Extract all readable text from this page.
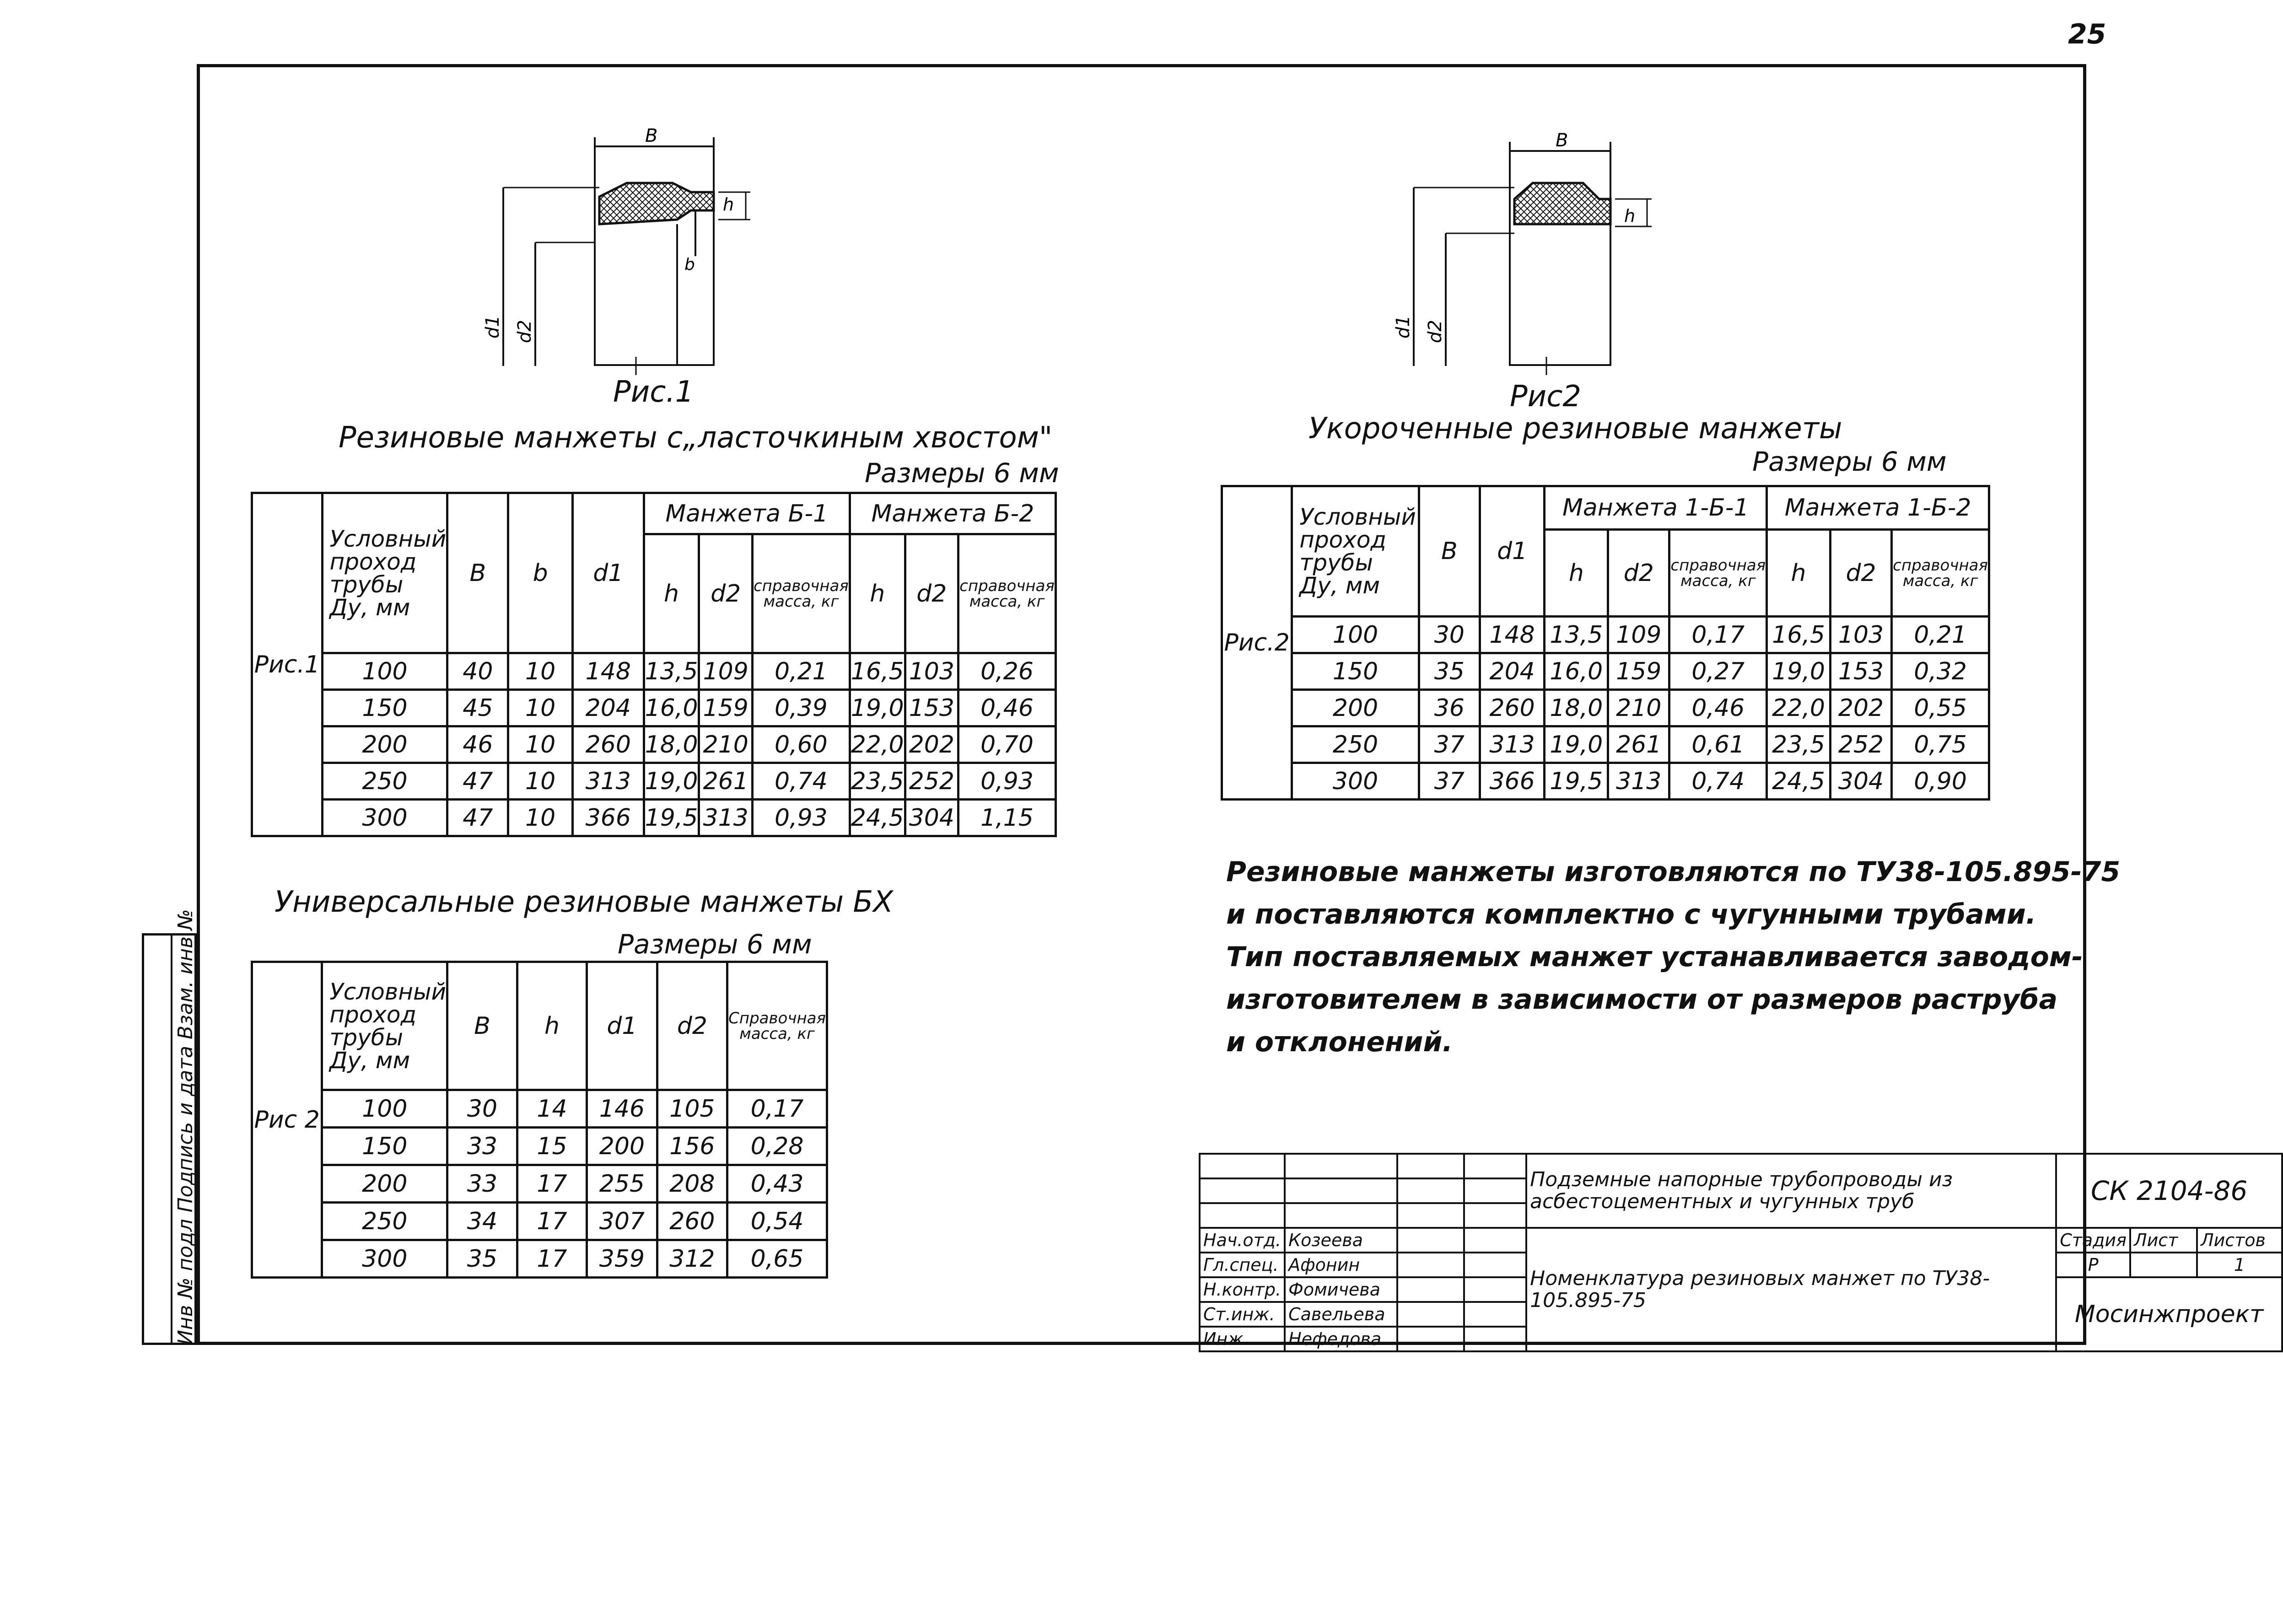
25
Инв № подл Подпись и дата Взам. инв №
B
h
b
d1 d2
Рис.1
B
h
d1 d2
Рис2
Резиновые манжеты с„ласточкиным хвостом"
Размеры 6 мм
Рис.1	Условный проход трубы Ду, мм	B	b	d1	Манжета Б-1			Манжета Б-2		
					h	d2	справочная масса, кг	h	d2	справочная масса, кг
	100	40	10	148	13,5	109	0,21	16,5	103	0,26
	150	45	10	204	16,0	159	0,39	19,0	153	0,46
	200	46	10	260	18,0	210	0,60	22,0	202	0,70
	250	47	10	313	19,0	261	0,74	23,5	252	0,93
	300	47	10	366	19,5	313	0,93	24,5	304	1,15
Укороченные резиновые манжеты
Размеры 6 мм
Рис.2	Условный проход трубы Ду, мм	B	d1	Манжета 1-Б-1			Манжета 1-Б-2		
				h	d2	справочная масса, кг	h	d2	справочная масса, кг
	100	30	148	13,5	109	0,17	16,5	103	0,21
	150	35	204	16,0	159	0,27	19,0	153	0,32
	200	36	260	18,0	210	0,46	22,0	202	0,55
	250	37	313	19,0	261	0,61	23,5	252	0,75
	300	37	366	19,5	313	0,74	24,5	304	0,90
Резиновые манжеты изготовляются по ТУ38-105.895-75
и поставляются комплектно с чугунными трубами.
Тип поставляемых манжет устанавливается заводом-
изготовителем в зависимости от размеров раструба
и отклонений.
Универсальные резиновые манжеты БХ
Размеры 6 мм
Рис 2	Условный проход трубы Ду, мм	B	h	d1	d2	Справочная масса, кг
	100	30	14	146	105	0,17
	150	33	15	200	156	0,28
	200	33	17	255	208	0,43
	250	34	17	307	260	0,54
	300	35	17	359	312	0,65
				Подземные напорные трубопроводы из асбестоцементных и чугунных труб	СК 2104-86		

Нач.отд.	Козеева			Номенклатура резиновых манжет по ТУ38-105.895-75	Стадия	Лист	Листов
Гл.спец.	Афонин				Р		1
Н.контр.	Фомичева				Мосинжпроект		
Ст.инж.	Савельева						
Инж.	Нефедова						
